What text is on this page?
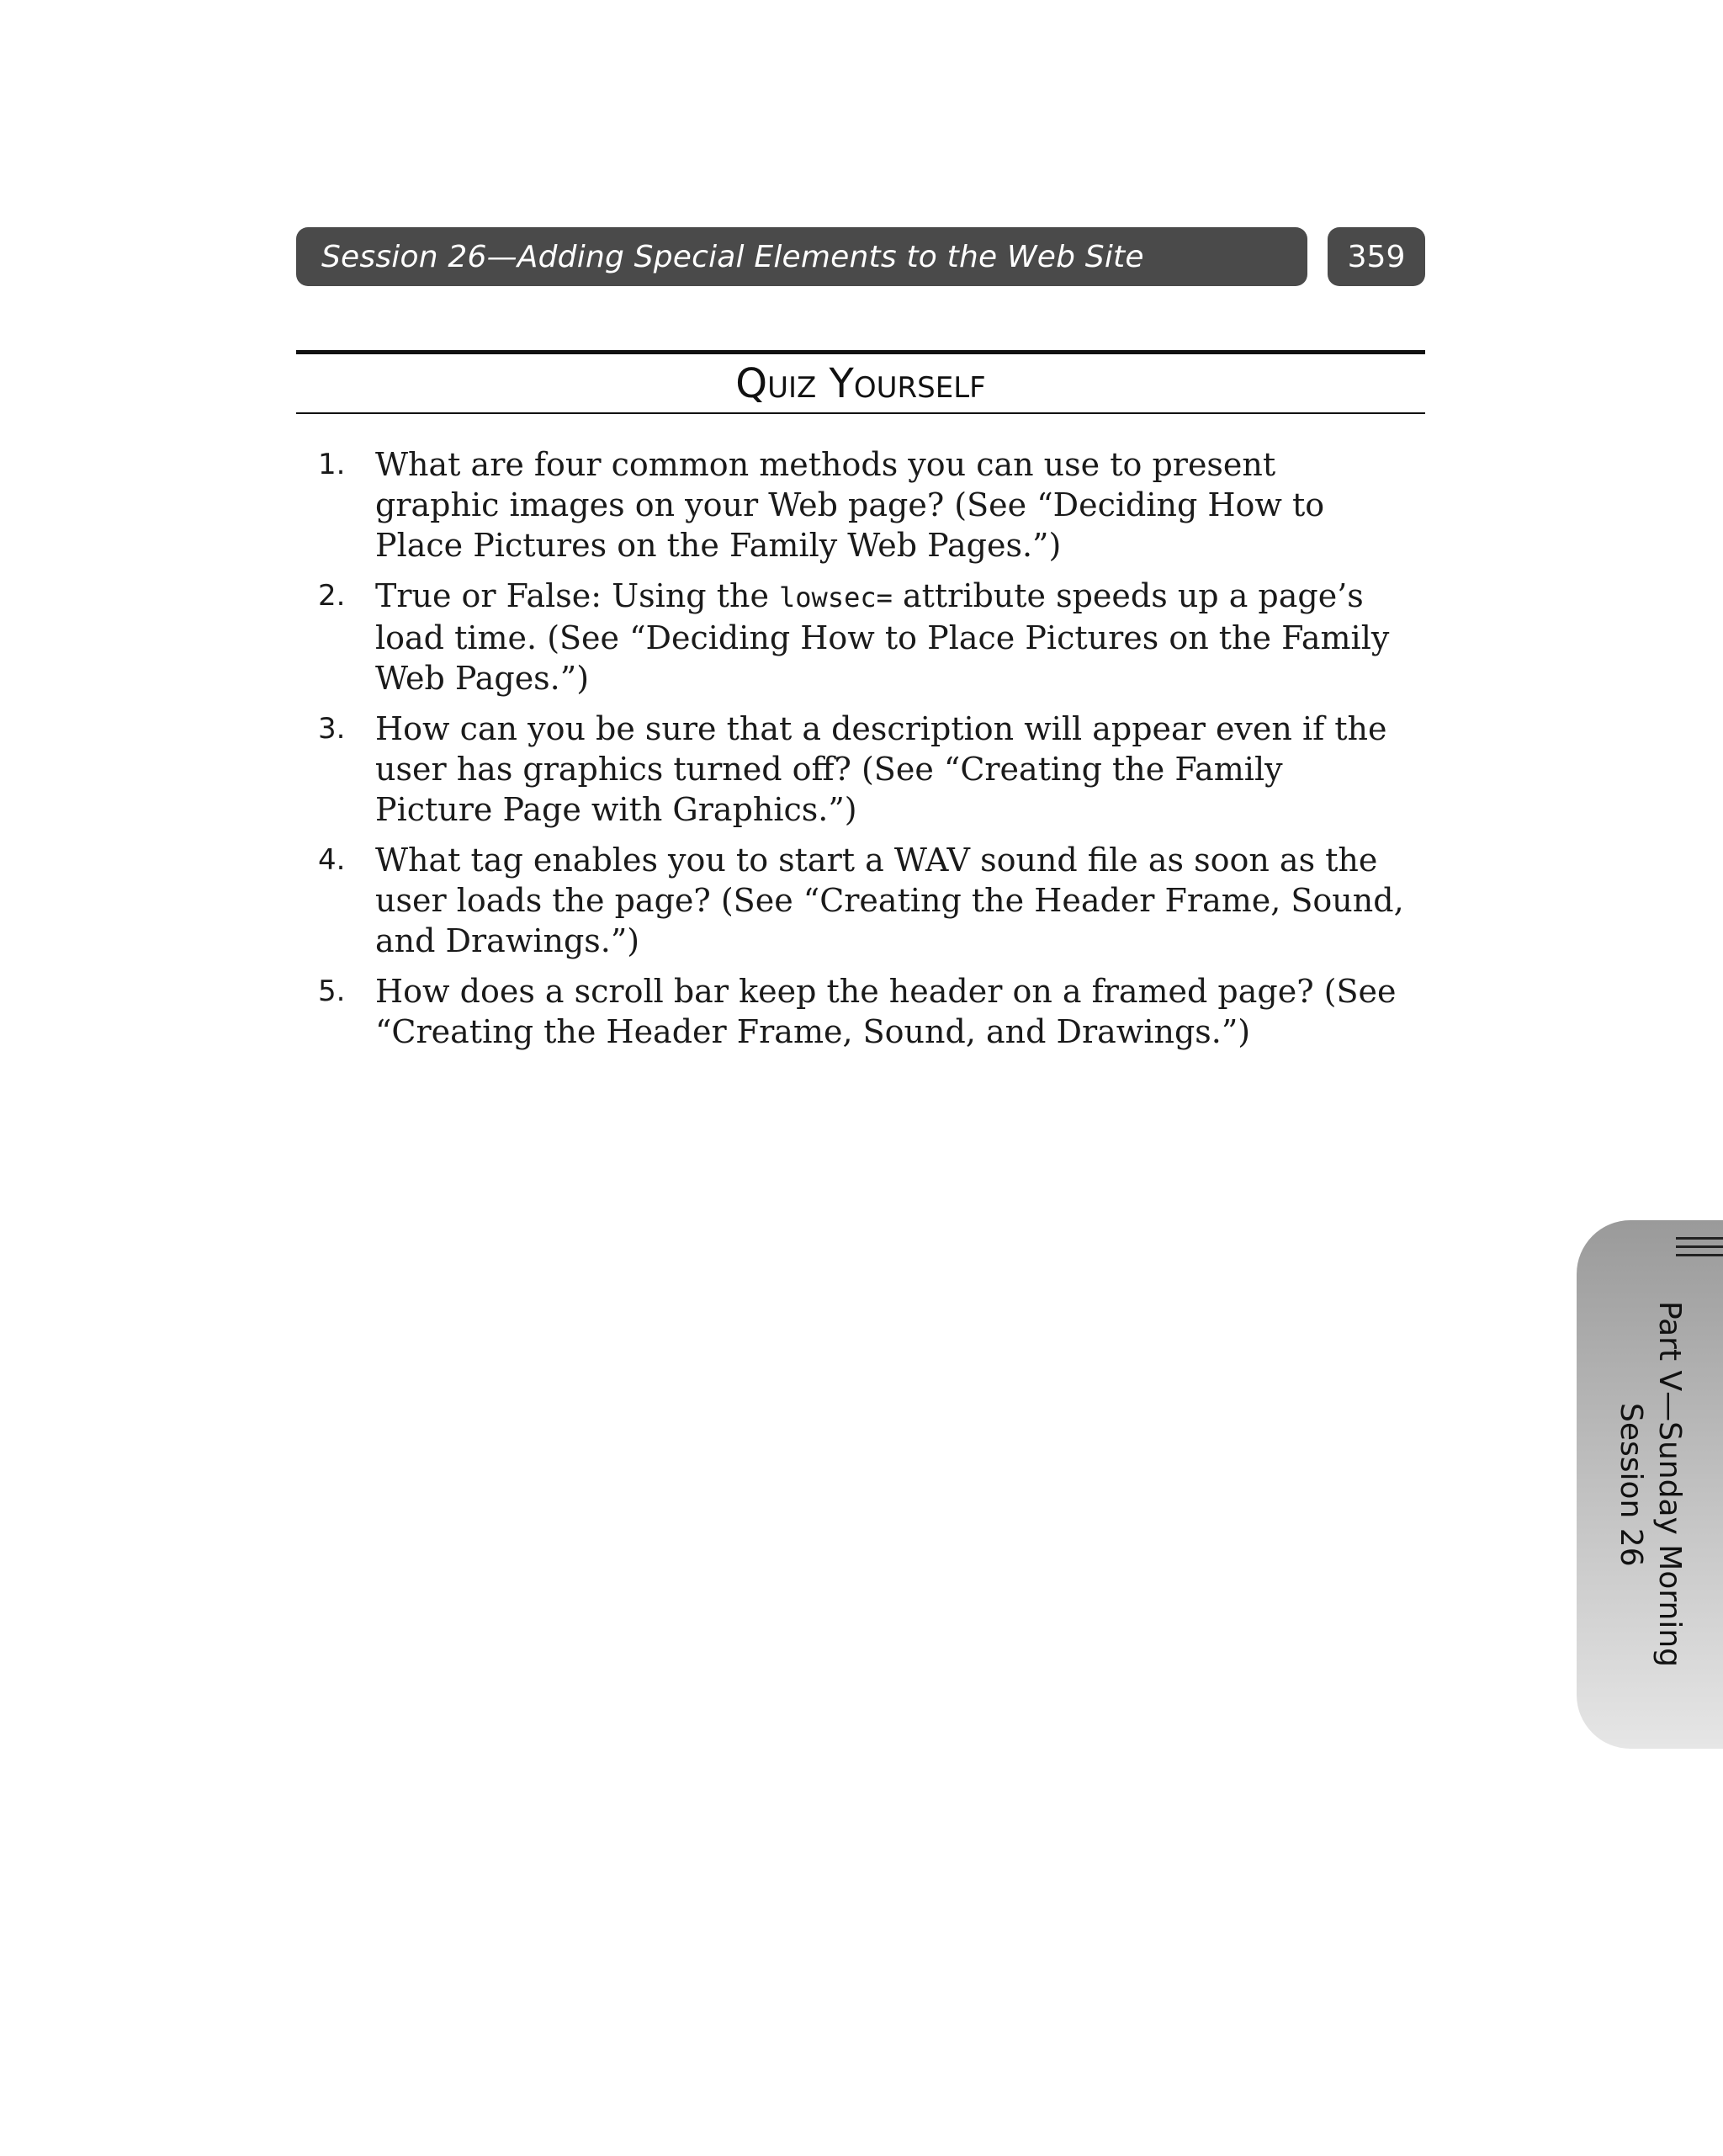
Session 26—Adding Special Elements to the Web Site	359
Quiz Yourself
1. What are four common methods you can use to present graphic images on your Web page? (See “Deciding How to Place Pictures on the Family Web Pages.”)
2. True or False: Using the lowsec= attribute speeds up a page’s load time. (See “Deciding How to Place Pictures on the Family Web Pages.”)
3. How can you be sure that a description will appear even if the user has graphics turned off? (See “Creating the Family Picture Page with Graphics.”)
4. What tag enables you to start a WAV sound file as soon as the user loads the page? (See “Creating the Header Frame, Sound, and Drawings.”)
5. How does a scroll bar keep the header on a framed page? (See “Creating the Header Frame, Sound, and Drawings.”)
Part V—Sunday Morning
Session 26
